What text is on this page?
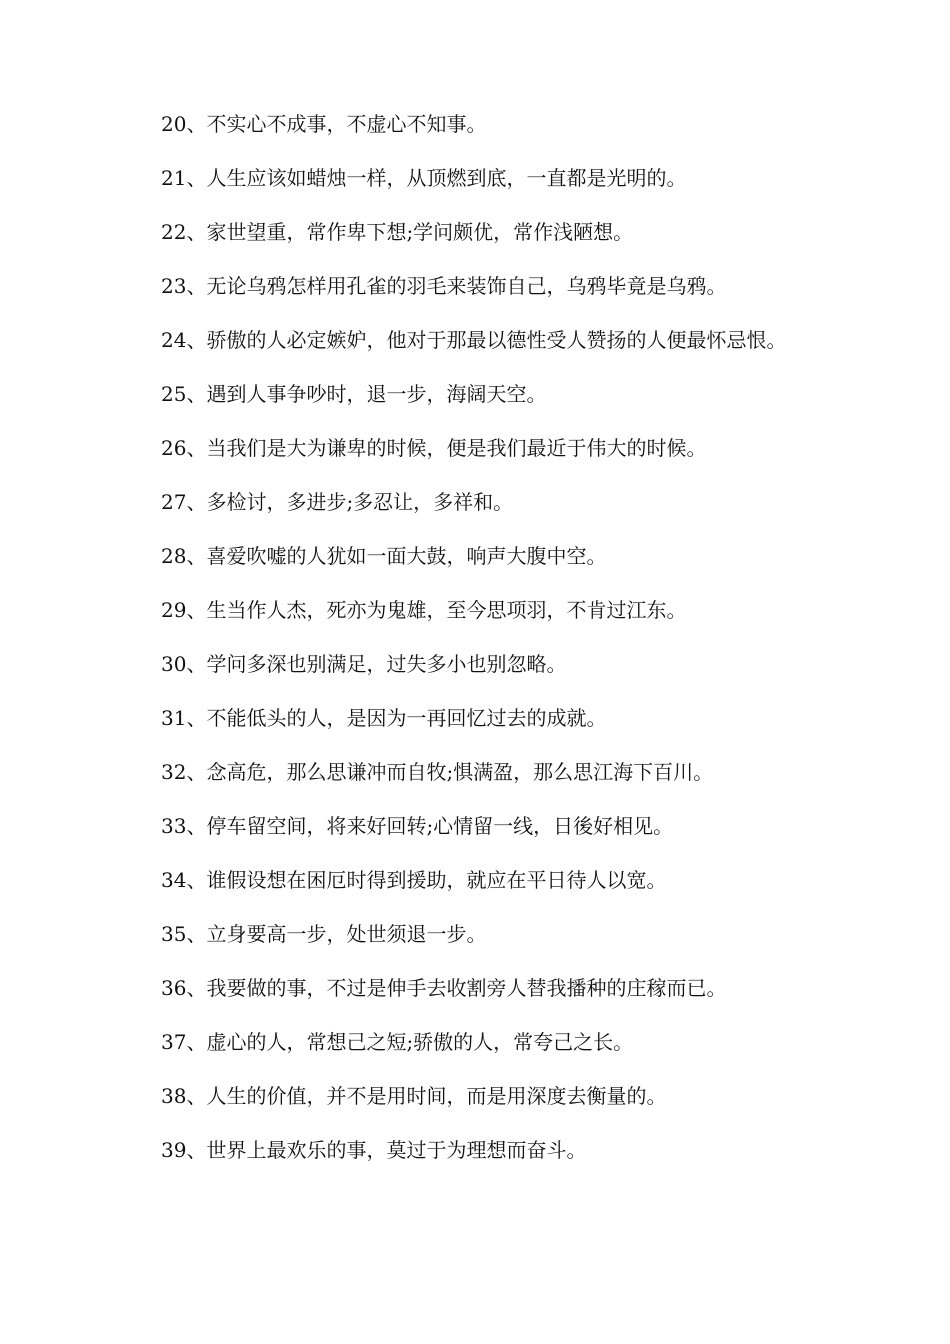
20、不实心不成事，不虚心不知事。

21、人生应该如蜡烛一样，从顶燃到底，一直都是光明的。

22、家世望重，常作卑下想;学问颇优，常作浅陋想。

23、无论乌鸦怎样用孔雀的羽毛来装饰自己，乌鸦毕竟是乌鸦。

24、骄傲的人必定嫉妒，他对于那最以德性受人赞扬的人便最怀忌恨。

25、遇到人事争吵时，退一步，海阔天空。

26、当我们是大为谦卑的时候，便是我们最近于伟大的时候。

27、多检讨，多进步;多忍让，多祥和。

28、喜爱吹嘘的人犹如一面大鼓，响声大腹中空。

29、生当作人杰，死亦为鬼雄，至今思项羽，不肯过江东。

30、学问多深也别满足，过失多小也别忽略。

31、不能低头的人，是因为一再回忆过去的成就。

32、念高危，那么思谦冲而自牧;惧满盈，那么思江海下百川。

33、停车留空间，将来好回转;心情留一线，日後好相见。

34、谁假设想在困厄时得到援助，就应在平日待人以宽。

35、立身要高一步，处世须退一步。

36、我要做的事，不过是伸手去收割旁人替我播种的庄稼而已。

37、虚心的人，常想己之短;骄傲的人，常夸己之长。

38、人生的价值，并不是用时间，而是用深度去衡量的。

39、世界上最欢乐的事，莫过于为理想而奋斗。
